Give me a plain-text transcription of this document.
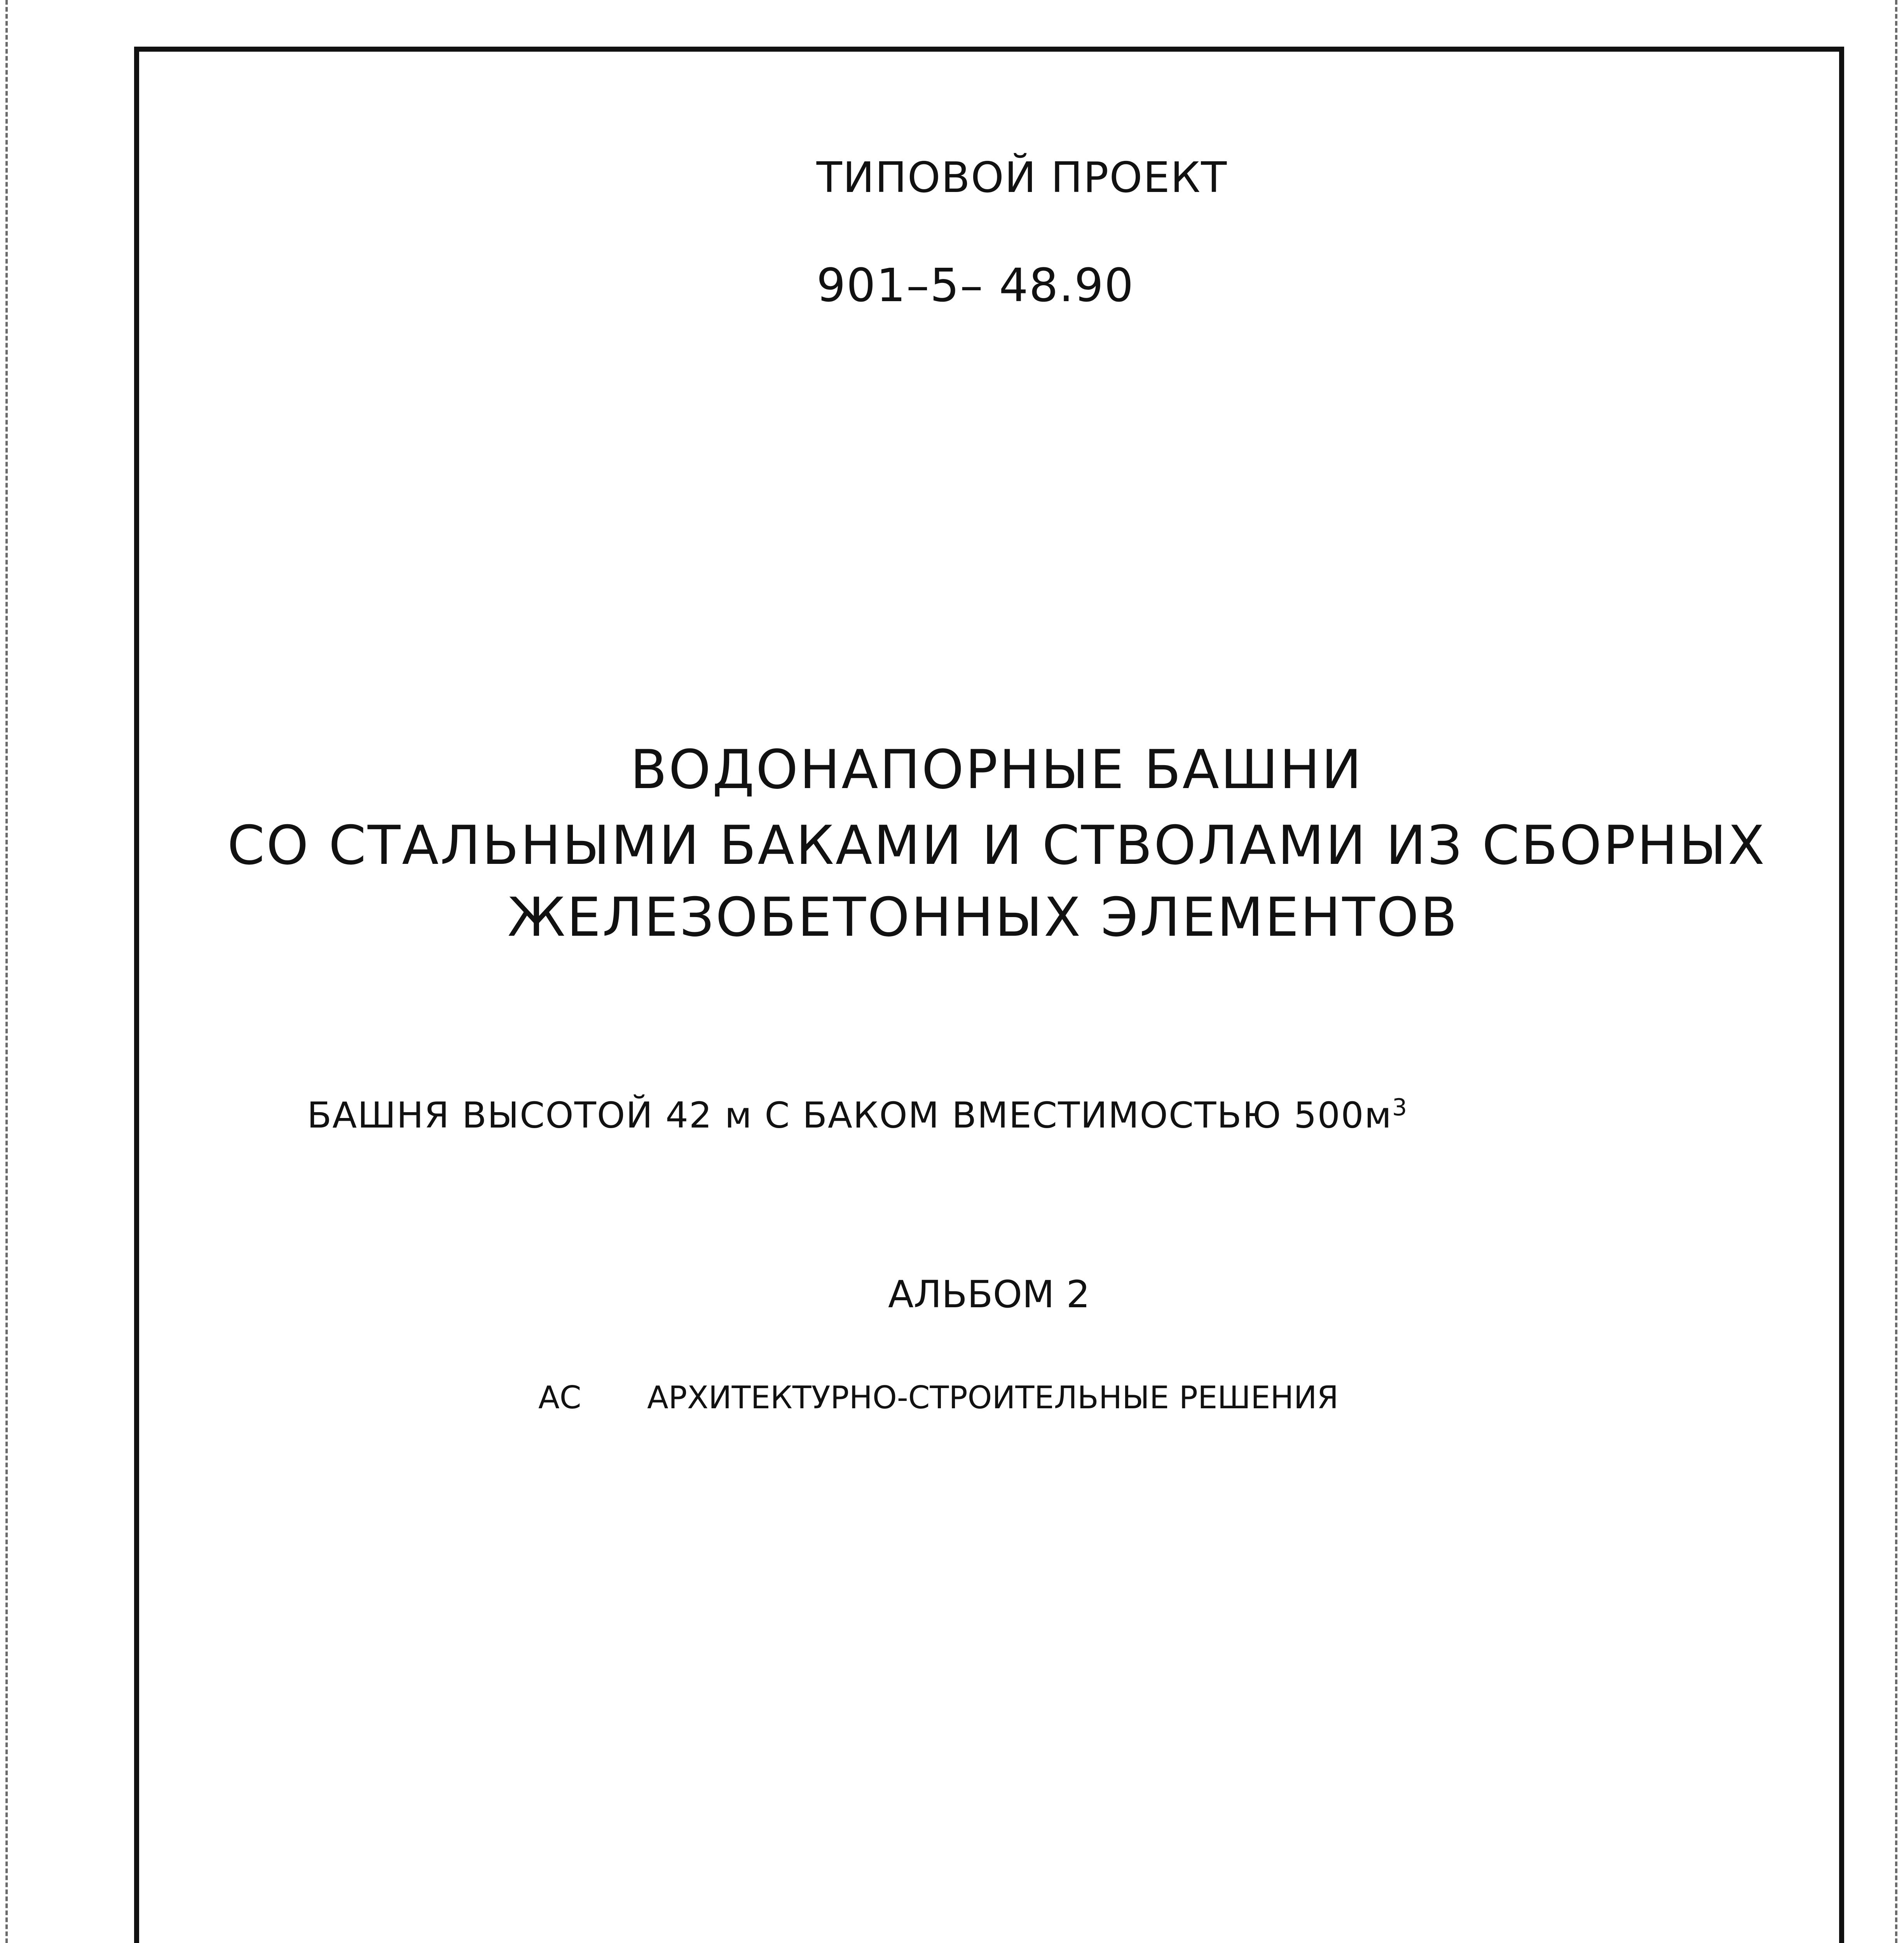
ТИПОВОЙ ПРОЕКТ
901–5– 48.90
ВОДОНАПОРНЫЕ БАШНИ
СО СТАЛЬНЫМИ БАКАМИ И СТВОЛАМИ ИЗ СБОРНЫХ
ЖЕЛЕЗОБЕТОННЫХ ЭЛЕМЕНТОВ
БАШНЯ ВЫСОТОЙ 42 м С БАКОМ ВМЕСТИМОСТЬЮ $500м^3$
АЛЬБОМ 2
АС АРХИТЕКТУРНО-СТРОИТЕЛЬНЫЕ РЕШЕНИЯ
